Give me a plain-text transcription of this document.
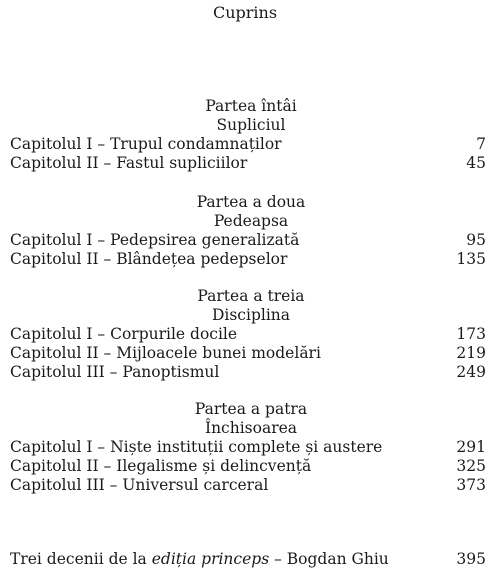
Cuprins
Partea întâi
Supliciul
Capitolul I – Trupul condamnaților	7
Capitolul II – Fastul supliciilor	45
Partea a doua
Pedeapsa
Capitolul I – Pedepsirea generalizată	95
Capitolul II – Blândețea pedepselor	135
Partea a treia
Disciplina
Capitolul I – Corpurile docile	173
Capitolul II – Mijloacele bunei modelări	219
Capitolul III – Panoptismul	249
Partea a patra
Închisoarea
Capitolul I – Niște instituții complete și austere	291
Capitolul II – Ilegalisme și delincvență	325
Capitolul III – Universul carceral	373
Trei decenii de la ediția princeps – Bogdan Ghiu	395
